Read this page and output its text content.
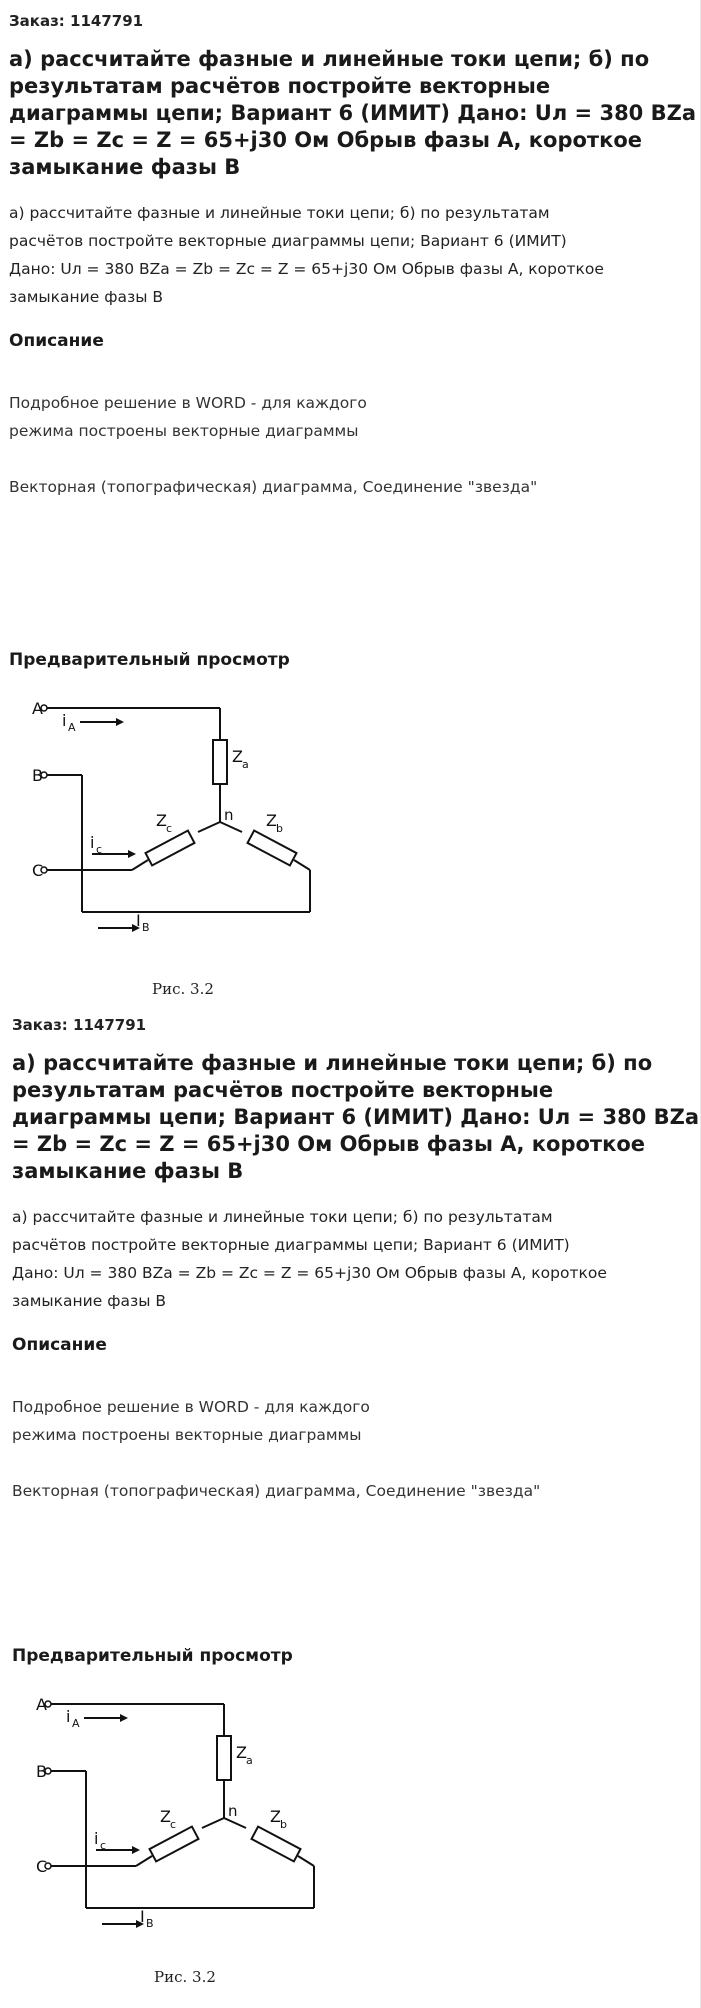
Заказ: 1147791
а) рассчитайте фазные и линейные токи цепи; б) по
результатам расчётов постройте векторные
диаграммы цепи; Вариант 6 (ИМИТ) Дано: Uл = 380 BZa
= Zb = Zc = Z = 65+j30 Ом Обрыв фазы А, короткое
замыкание фазы В
а) рассчитайте фазные и линейные токи цепи; б) по результатам
расчётов постройте векторные диаграммы цепи; Вариант 6 (ИМИТ)
Дано: Uл = 380 BZa = Zb = Zc = Z = 65+j30 Ом Обрыв фазы А, короткое
замыкание фазы В
Описание
Подробное решение в WORD - для каждого
режима построены векторные диаграммы
Векторная (топографическая) диаграмма, Соединение "звезда"
Предварительный просмотр
A
B
C
i A
i c
I B
n
Z a
Z c	Z b
Рис. 3.2
Заказ: 1147791
а) рассчитайте фазные и линейные токи цепи; б) по
результатам расчётов постройте векторные
диаграммы цепи; Вариант 6 (ИМИТ) Дано: Uл = 380 BZa
= Zb = Zc = Z = 65+j30 Ом Обрыв фазы А, короткое
замыкание фазы В
а) рассчитайте фазные и линейные токи цепи; б) по результатам
расчётов постройте векторные диаграммы цепи; Вариант 6 (ИМИТ)
Дано: Uл = 380 BZa = Zb = Zc = Z = 65+j30 Ом Обрыв фазы А, короткое
замыкание фазы В
Описание
Подробное решение в WORD - для каждого
режима построены векторные диаграммы
Векторная (топографическая) диаграмма, Соединение "звезда"
Предварительный просмотр
A
B
C
i A
i c
I B
n
Z a
Z c	Z b
Рис. 3.2
